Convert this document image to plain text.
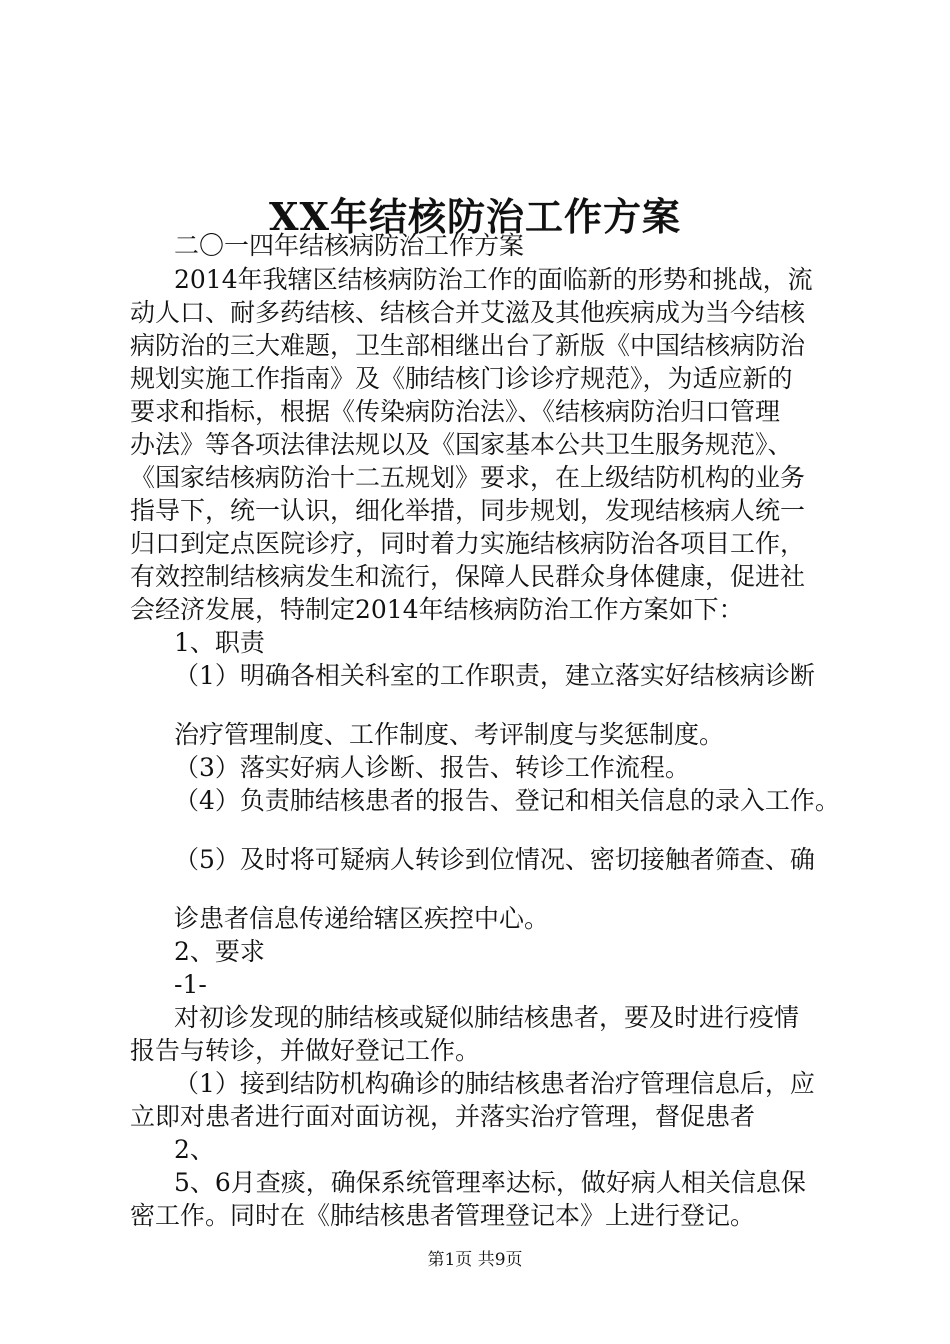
XX年结核防治工作方案
二〇一四年结核病防治工作方案
2014年我辖区结核病防治工作的面临新的形势和挑战，流
动人口、耐多药结核、结核合并艾滋及其他疾病成为当今结核
病防治的三大难题，卫生部相继出台了新版《中国结核病防治
规划实施工作指南》及《肺结核门诊诊疗规范》，为适应新的
要求和指标，根据《传染病防治法》、《结核病防治归口管理
办法》等各项法律法规以及《国家基本公共卫生服务规范》、
《国家结核病防治十二五规划》要求，在上级结防机构的业务
指导下，统一认识，细化举措，同步规划，发现结核病人统一
归口到定点医院诊疗，同时着力实施结核病防治各项目工作，
有效控制结核病发生和流行，保障人民群众身体健康，促进社
会经济发展，特制定2014年结核病防治工作方案如下：
1、职责
（1）明确各相关科室的工作职责，建立落实好结核病诊断
治疗管理制度、工作制度、考评制度与奖惩制度。
（3）落实好病人诊断、报告、转诊工作流程。
（4）负责肺结核患者的报告、登记和相关信息的录入工作。
（5）及时将可疑病人转诊到位情况、密切接触者筛查、确
诊患者信息传递给辖区疾控中心。
2、要求
-1-
对初诊发现的肺结核或疑似肺结核患者，要及时进行疫情
报告与转诊，并做好登记工作。
（1）接到结防机构确诊的肺结核患者治疗管理信息后，应
立即对患者进行面对面访视，并落实治疗管理，督促患者
2、
5、6月查痰，确保系统管理率达标，做好病人相关信息保
密工作。同时在《肺结核患者管理登记本》上进行登记。
第1页 共9页
